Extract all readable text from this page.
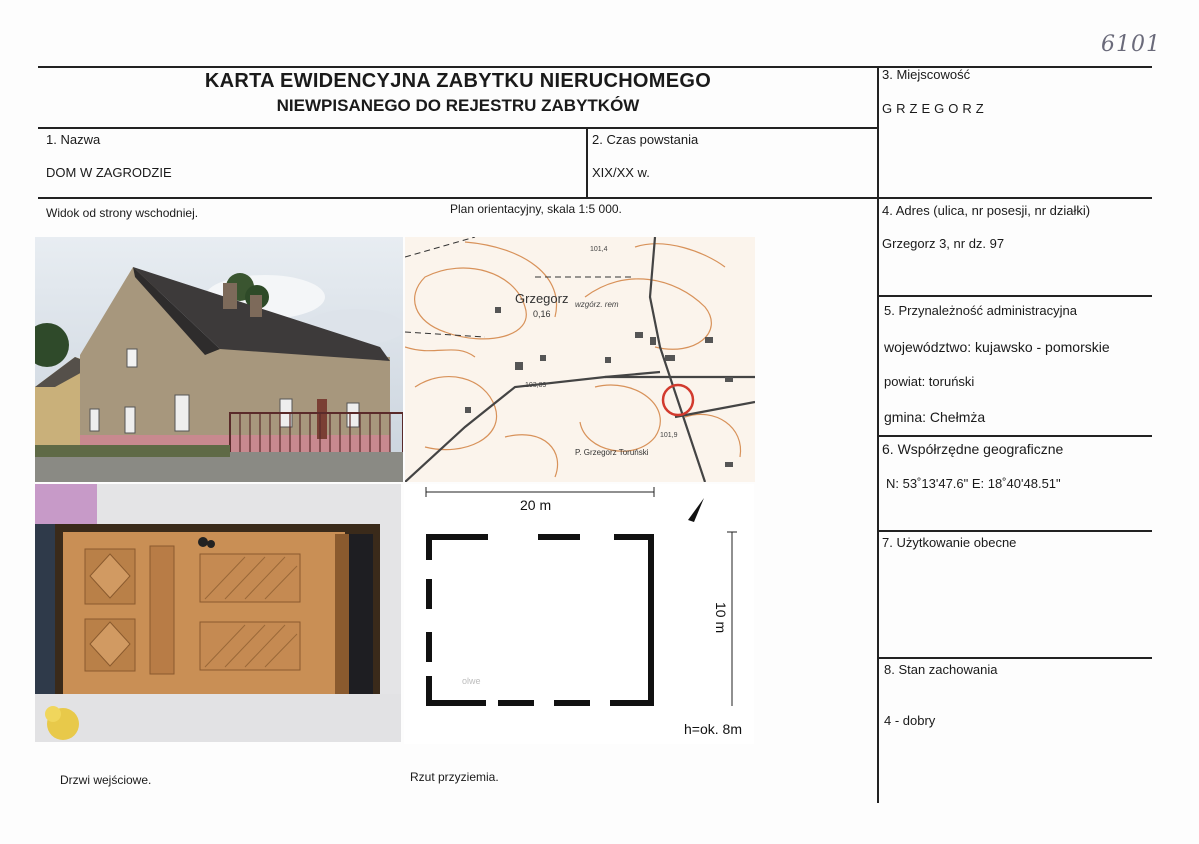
6101
KARTA EWIDENCYJNA ZABYTKU NIERUCHOMEGO
NIEWPISANEGO DO REJESTRU ZABYTKÓW
1. Nazwa
DOM W ZAGRODZIE
2. Czas powstania
XIX/XX w.
3. Miejscowość
GRZEGORZ
4. Adres (ulica, nr posesji, nr działki)
Grzegorz 3, nr dz. 97
5. Przynależność administracyjna
województwo: kujawsko - pomorskie
powiat: toruński
gmina: Chełmża
6. Współrzędne geograficzne
N: 53˚13'47.6" E: 18˚40'48.51"
7. Użytkowanie obecne
8. Stan zachowania
4 - dobry
Widok od strony wschodniej.	Plan orientacyjny, skala 1:5 000.
Drzwi wejściowe.	Rzut przyziemia.
Grzegorz
0,16
wzgórz. rem
101,4
103,89
101,9
P. Grzegorz Toruński
20 m
10 m
h=ok. 8m
olwe
